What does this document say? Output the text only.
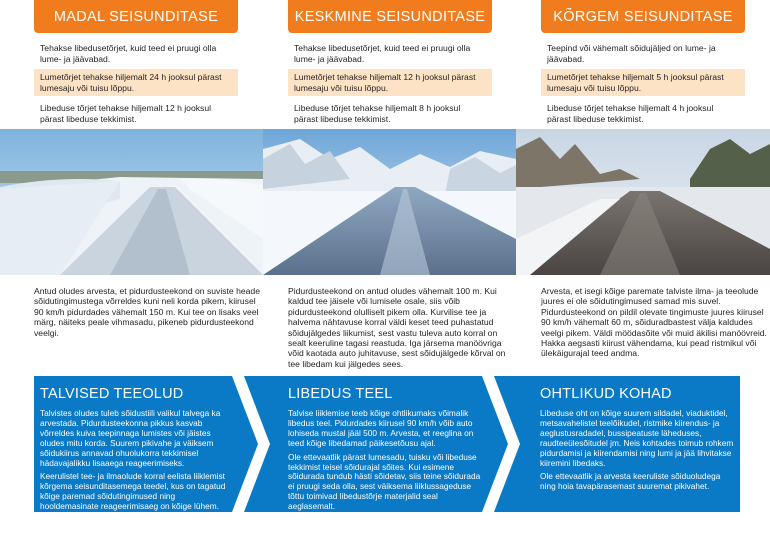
MADAL SEISUNDITASE
Tehakse libedusetõrjet, kuid teed ei pruugi olla lume- ja jäävabad.
Lumetõrjet tehakse hiljemalt 24 h jooksul pärast lumesaju või tuisu lõppu.
Libeduse tõrjet tehakse hiljemalt 12 h jooksul pärast libeduse tekkimist.
KESKMINE SEISUNDITASE
Tehakse libedusetõrjet, kuid teed ei pruugi olla lume- ja jäävabad.
Lumetõrjet tehakse hiljemalt 12 h jooksul pärast lumesaju või tuisu lõppu.
Libeduse tõrjet tehakse hiljemalt 8 h jooksul pärast libeduse tekkimist.
KÕRGEM SEISUNDITASE
Teepind või vähemalt sõidujäljed on lume- ja jäävabad.
Lumetõrjet tehakse hiljemalt 5 h jooksul pärast lumesaju või tuisu lõppu.
Libeduse tõrjet tehakse hiljemalt 4 h jooksul pärast libeduse tekkimist.
Antud oludes arvesta, et pidurdusteekond on suviste heade sõidutingimustega võrreldes kuni neli korda pikem, kiirusel 90 km/h pidurdades vähemalt 150 m. Kui tee on lisaks veel märg, näiteks peale vihmasadu, pikeneb pidurdusteekond veelgi.
Pidurdusteekond on antud oludes vähemalt 100 m. Kui kaldud tee jäisele või lumisele osale, siis võib pidurdusteekond olulliselt pikem olla. Kurvilise tee ja halvema nähtavuse korral väldi keset teed puhastatud sõidujälgedes liikumist, sest vastu tuleva auto korral on sealt keeruline tagasi reastuda. Iga järsema manöövriga võid kaotada auto juhitavuse, sest sõidujälgede kõrval on tee libedam kui jälgedes sees.
Arvesta, et isegi kõige paremate talviste ilma- ja teeolude juures ei ole sõidutingimused samad mis suvel. Pidurdusteekond on pildil olevate tingimuste juures kiirusel 90 km/h vähemalt 60 m, sõiduradbastest välja kaldudes veelgi pikem. Väldi möödasõite või muid äkilisi manöövreid. Hakka aegsasti kiirust vähendama, kui pead ristmikul või ülekäigurajal teed andma.
TALVISED TEEOLUD
Talvistes oludes tuleb sõidustiili valikul talvega ka arvestada. Pidurdusteekonna pikkus kasvab võrreldes kuiva teepinnaga lumistes või jäistes oludes mitu korda. Suurem pikivahe ja väiksem sõidukiirus annavad ohuolukorra tekkimisel hädavajalikku lisaaega reageerimiseks.
Keerulistel tee- ja ilmaolude korral eelista liiklemist kõrgema seisunditasemega teedel, kus on tagatud kõige paremad sõidutingimused ning hooldemasinate reageerimisaeg on kõige lühem.
LIBEDUS TEEL
Talvise liiklemise teeb kõige ohtlikumaks võimalik libedus teel. Pidurdades kiirusel 90 km/h võib auto lohiseda mustal jääl 500 m. Arvesta, et reeglina on teed kõige libedamad päikesetõusu ajal.
Ole ettevaatlik pärast lumesadu, tuisku või libeduse tekkimist teisel sõidurajal sõites. Kui esimene sõidurada tundub hästi sõidetav, siis teine sõidurada ei pruugi seda olla, sest väiksema liiklussageduse tõttu toimivad libedustõrje materjalid seal aeglasemalt.
OHTLIKUD KOHAD
Libeduse oht on kõige suurem sildadel, viaduktidel, metsavahelistel teelõikudel, ristmike kiirendus- ja aeglustusradadel, bussipeatuste läheduses, raudteeülesõitudel jm. Neis kohtades toimub rohkem pidurdamisi ja kiirendamisi ning lumi ja jää lihvitakse kiiremini libedaks.
Ole ettevaatlik ja arvesta keeruliste sõiduoludega ning hoia tavapärasemast suuremat pikivahet.
